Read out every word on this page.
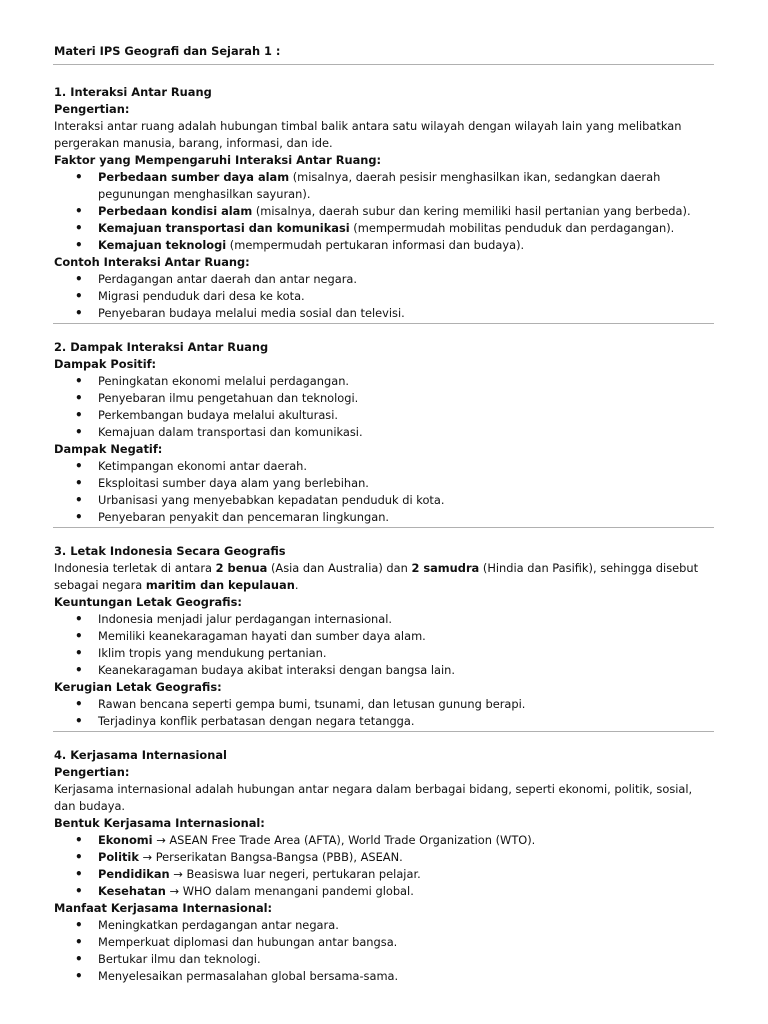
Materi IPS Geografi dan Sejarah 1 :
1. Interaksi Antar Ruang
Pengertian:
Interaksi antar ruang adalah hubungan timbal balik antara satu wilayah dengan wilayah lain yang melibatkan pergerakan manusia, barang, informasi, dan ide.
Faktor yang Mempengaruhi Interaksi Antar Ruang:
• Perbedaan sumber daya alam (misalnya, daerah pesisir menghasilkan ikan, sedangkan daerah pegunungan menghasilkan sayuran).
• Perbedaan kondisi alam (misalnya, daerah subur dan kering memiliki hasil pertanian yang berbeda).
• Kemajuan transportasi dan komunikasi (mempermudah mobilitas penduduk dan perdagangan).
• Kemajuan teknologi (mempermudah pertukaran informasi dan budaya).
Contoh Interaksi Antar Ruang:
• Perdagangan antar daerah dan antar negara.
• Migrasi penduduk dari desa ke kota.
• Penyebaran budaya melalui media sosial dan televisi.
2. Dampak Interaksi Antar Ruang
Dampak Positif:
• Peningkatan ekonomi melalui perdagangan.
• Penyebaran ilmu pengetahuan dan teknologi.
• Perkembangan budaya melalui akulturasi.
• Kemajuan dalam transportasi dan komunikasi.
Dampak Negatif:
• Ketimpangan ekonomi antar daerah.
• Eksploitasi sumber daya alam yang berlebihan.
• Urbanisasi yang menyebabkan kepadatan penduduk di kota.
• Penyebaran penyakit dan pencemaran lingkungan.
3. Letak Indonesia Secara Geografis
Indonesia terletak di antara 2 benua (Asia dan Australia) dan 2 samudra (Hindia dan Pasifik), sehingga disebut sebagai negara maritim dan kepulauan.
Keuntungan Letak Geografis:
• Indonesia menjadi jalur perdagangan internasional.
• Memiliki keanekaragaman hayati dan sumber daya alam.
• Iklim tropis yang mendukung pertanian.
• Keanekaragaman budaya akibat interaksi dengan bangsa lain.
Kerugian Letak Geografis:
• Rawan bencana seperti gempa bumi, tsunami, dan letusan gunung berapi.
• Terjadinya konflik perbatasan dengan negara tetangga.
4. Kerjasama Internasional
Pengertian:
Kerjasama internasional adalah hubungan antar negara dalam berbagai bidang, seperti ekonomi, politik, sosial, dan budaya.
Bentuk Kerjasama Internasional:
• Ekonomi → ASEAN Free Trade Area (AFTA), World Trade Organization (WTO).
• Politik → Perserikatan Bangsa-Bangsa (PBB), ASEAN.
• Pendidikan → Beasiswa luar negeri, pertukaran pelajar.
• Kesehatan → WHO dalam menangani pandemi global.
Manfaat Kerjasama Internasional:
• Meningkatkan perdagangan antar negara.
• Memperkuat diplomasi dan hubungan antar bangsa.
• Bertukar ilmu dan teknologi.
• Menyelesaikan permasalahan global bersama-sama.
